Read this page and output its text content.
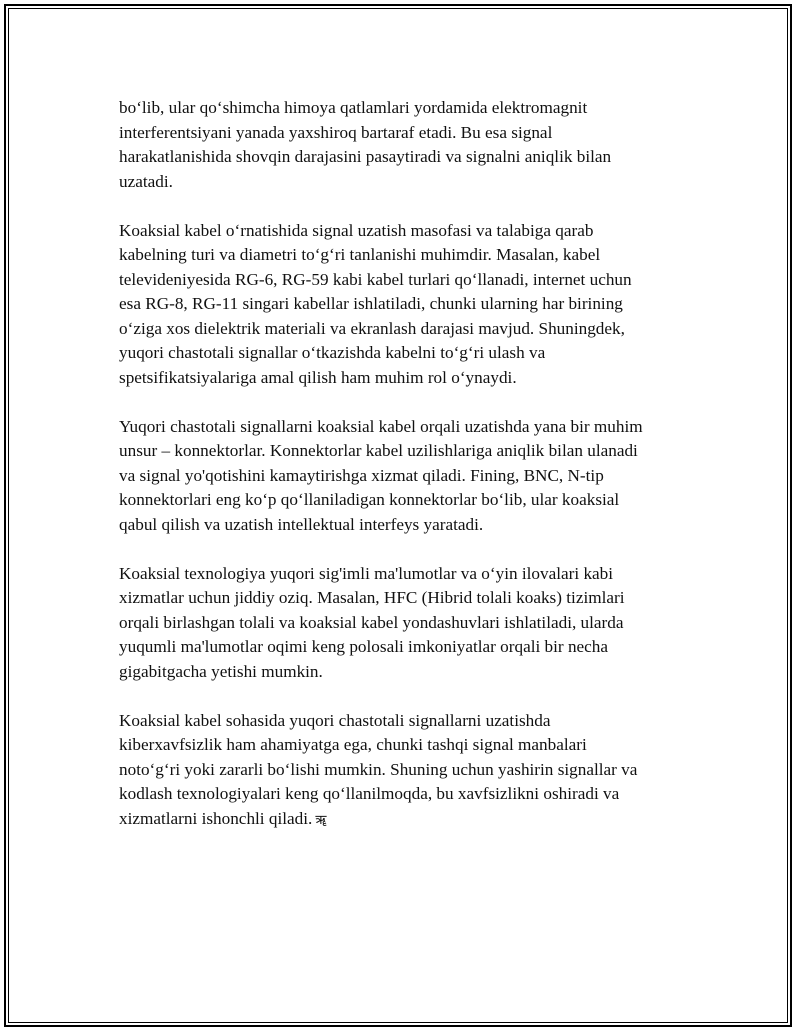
bo‘lib, ular qo‘shimcha himoya qatlamlari yordamida elektromagnit
interferentsiyani yanada yaxshiroq bartaraf etadi. Bu esa signal
harakatlanishida shovqin darajasini pasaytiradi va signalni aniqlik bilan
uzatadi.

Koaksial kabel o‘rnatishida signal uzatish masofasi va talabiga qarab
kabelning turi va diametri to‘g‘ri tanlanishi muhimdir. Masalan, kabel
televideniyesida RG-6, RG-59 kabi kabel turlari qo‘llanadi, internet uchun
esa RG-8, RG-11 singari kabellar ishlatiladi, chunki ularning har birining
o‘ziga xos dielektrik materiali va ekranlash darajasi mavjud. Shuningdek,
yuqori chastotali signallar o‘tkazishda kabelni to‘g‘ri ulash va
spetsifikatsiyalariga amal qilish ham muhim rol o‘ynaydi.

Yuqori chastotali signallarni koaksial kabel orqali uzatishda yana bir muhim
unsur – konnektorlar. Konnektorlar kabel uzilishlariga aniqlik bilan ulanadi
va signal yo'qotishini kamaytirishga xizmat qiladi. Fining, BNC, N-tip
konnektorlari eng ko‘p qo‘llaniladigan konnektorlar bo‘lib, ular koaksial
qabul qilish va uzatish intellektual interfeys yaratadi.

Koaksial texnologiya yuqori sig'imli ma'lumotlar va o‘yin ilovalari kabi
xizmatlar uchun jiddiy oziq. Masalan, HFC (Hibrid tolali koaks) tizimlari
orqali birlashgan tolali va koaksial kabel yondashuvlari ishlatiladi, ularda
yuqumli ma'lumotlar oqimi keng polosali imkoniyatlar orqali bir necha
gigabitgacha yetishi mumkin.

Koaksial kabel sohasida yuqori chastotali signallarni uzatishda
kiberxavfsizlik ham ahamiyatga ega, chunki tashqi signal manbalari
noto‘g‘ri yoki zararli bo‘lishi mumkin. Shuning uchun yashirin signallar va
kodlash texnologiyalari keng qo‘llanilmoqda, bu xavfsizlikni oshiradi va
xizmatlarni ishonchli qiladi. ॠ
